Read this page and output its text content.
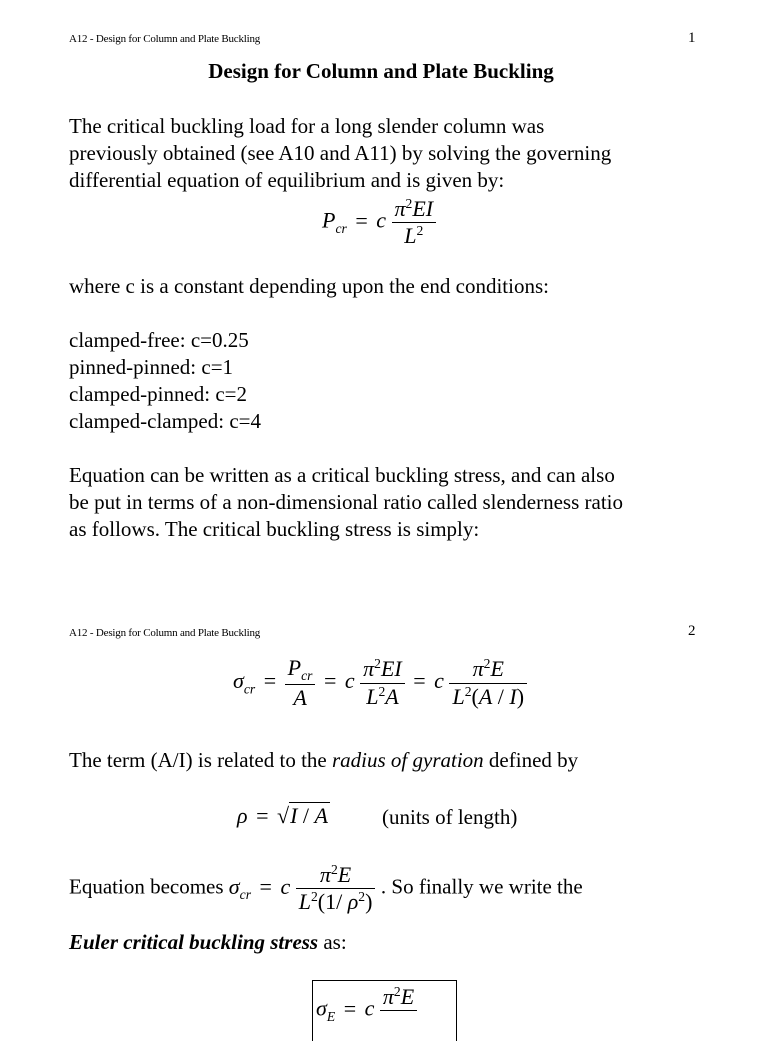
A12 - Design for Column and Plate Buckling	1
Design for Column and Plate Buckling
The critical buckling load for a long slender column was
previously obtained (see A10 and A11) by solving the governing
differential equation of equilibrium and is given by:
$P_{cr} = c \frac{\pi^2EI}{L^2}$
where c is a constant depending upon the end conditions:
clamped-free: c=0.25
pinned-pinned: c=1
clamped-pinned: c=2
clamped-clamped: c=4
Equation can be written as a critical buckling stress, and can also
be put in terms of a non-dimensional ratio called slenderness ratio
as follows. The critical buckling stress is simply:
A12 - Design for Column and Plate Buckling	2
$\sigma_{cr} = \frac{P_{cr}}{A} = c \frac{\pi^2EI}{L^2A} = c \frac{\pi^2E}{L^2(A / I)}$
The term (A/I) is related to the radius of gyration defined by
ρ = √I / A	(units of length)
Equation becomes $\sigma_{cr} = c \frac{\pi^2E}{L^2(1/ \rho^2)}$ . So finally we write the
Euler critical buckling stress as:
$\sigma_E = c$ $\pi^2E$
